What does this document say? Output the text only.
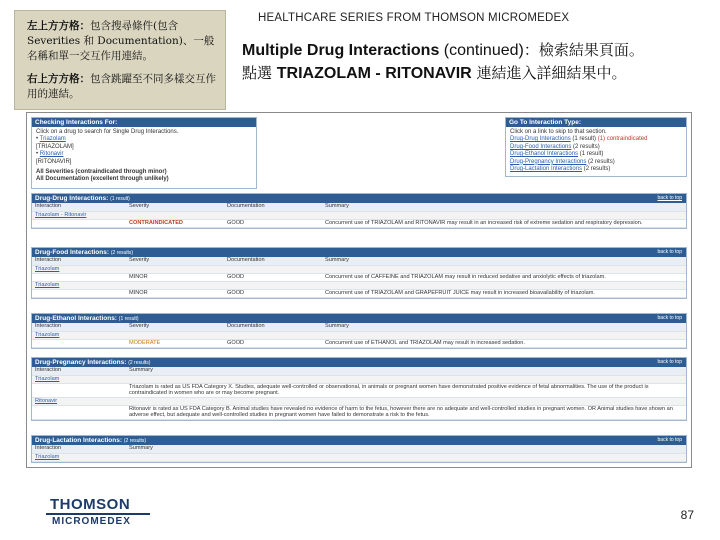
左上方方格：包含搜尋條件(包含 Severities 和 Documentation)、一般名稱和單一交互作用連結。
右上方方格：包含跳躍至不同多樣交互作用的連結。
HEALTHCARE SERIES FROM THOMSON MICROMEDEX
Multiple Drug Interactions (continued)：檢索結果頁面。
點選 TRIAZOLAM - RITONAVIR 連結進入詳細結果中。
Checking Interactions For:
Click on a drug to search for Single Drug Interactions.
• Triazolam
[TRIAZOLAM]
• Ritonavir
[RITONAVIR]
All Severities (contraindicated through minor)
All Documentation (excellent through unlikely)
Go To Interaction Type:
Click on a link to skip to that section.
Drug-Drug Interactions (1 result) (1) contraindicated
Drug-Food Interactions (2 results)
Drug-Ethanol Interactions (1 result)
Drug-Pregnancy Interactions (2 results)
Drug-Lactation Interactions (2 results)
Drug-Drug Interactions: (1 result)	back to top
Interaction	Severity	Documentation	Summary
Triazolam - Ritonavir			
	CONTRAINDICATED	GOOD	Concurrent use of TRIAZOLAM and RITONAVIR may result in an increased risk of extreme sedation and respiratory depression.
Drug-Food Interactions: (2 results)	back to top
Interaction	Severity	Documentation	Summary
Triazolam			
	MINOR	GOOD	Concurrent use of CAFFEINE and TRIAZOLAM may result in reduced sedative and anxiolytic effects of triazolam.
Triazolam			
	MINOR	GOOD	Concurrent use of TRIAZOLAM and GRAPEFRUIT JUICE may result in increased bioavailability of triazolam.
Drug-Ethanol Interactions: (1 result)	back to top
Interaction	Severity	Documentation	Summary
Triazolam			
	MODERATE	GOOD	Concurrent use of ETHANOL and TRIAZOLAM may result in increased sedation.
Drug-Pregnancy Interactions: (2 results)	back to top
Interaction	Summary
Triazolam	
	Triazolam is rated as US FDA Category X. Studies, adequate well-controlled or observational, in animals or pregnant women have demonstrated positive evidence of fetal abnormalities. The use of the product is contraindicated in women who are or may become pregnant.
Ritonavir	
	Ritonavir is rated as US FDA Category B. Animal studies have revealed no evidence of harm to the fetus, however there are no adequate and well-controlled studies in pregnant women. OR Animal studies have shown an adverse effect, but adequate and well-controlled studies in pregnant women have failed to demonstrate a risk to the fetus.
Drug-Lactation Interactions: (2 results)	back to top
Interaction	Summary
Triazolam
THOMSON
MICROMEDEX	87
